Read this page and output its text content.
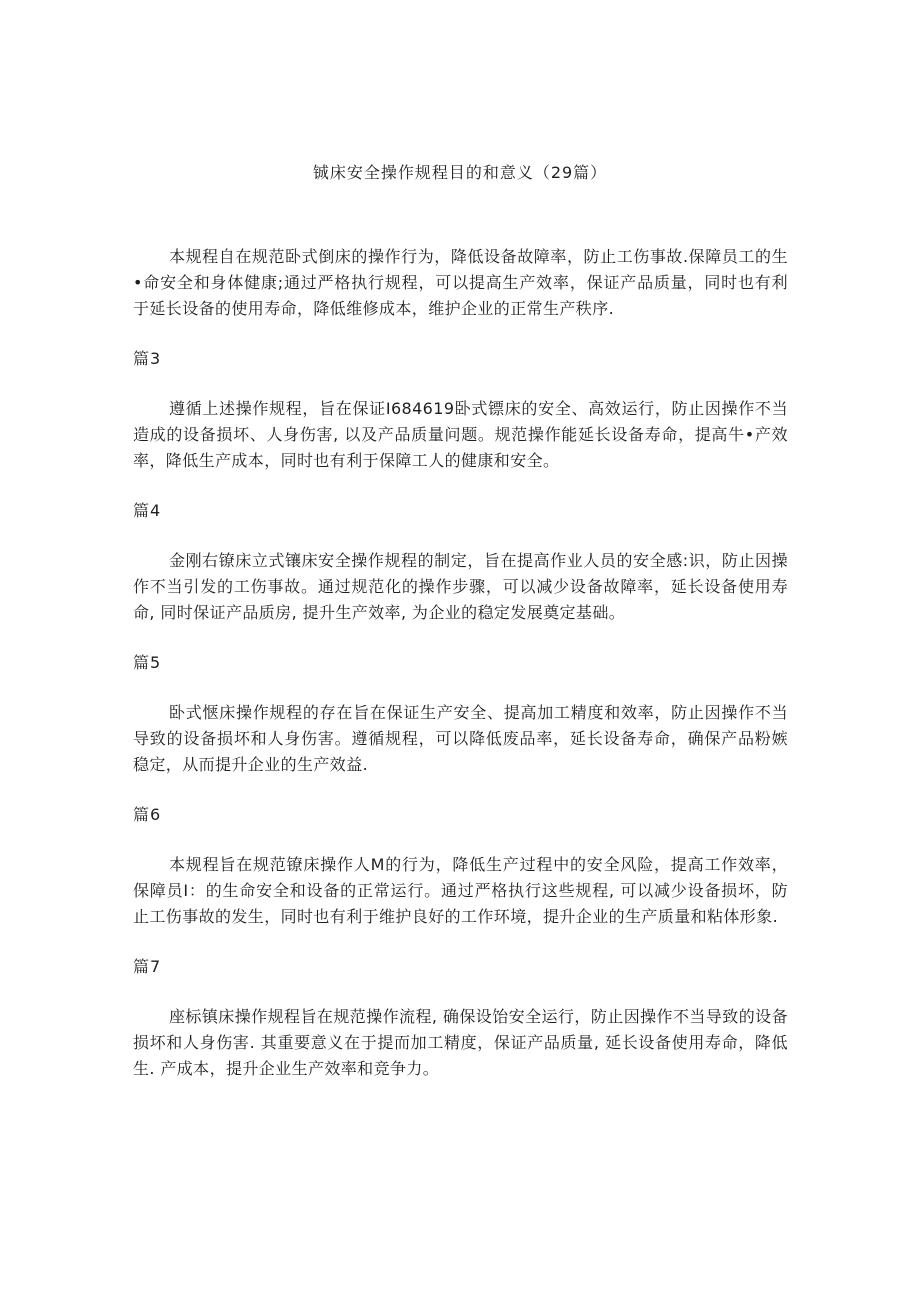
铖床安全操作规程目的和意义（29篇）

本规程自在规范卧式倒床的操作行为，降低设备故障率，防止工伤事故.保障员工的生•命安全和身体健康;通过严格执行规程，可以提高生产效率，保证产品质量，同时也有利于延长设备的使用寿命，降低维修成本，维护企业的正常生产秩序.

篇3

遵循上述操作规程，旨在保证I684619卧式镖床的安全、高效运行，防止因操作不当造成的设备损坏、人身伤害, 以及产品质量问题。规范操作能延长设备寿命，提高牛•产效率，降低生产成本，同时也有利于保障工人的健康和安全。

篇4

金刚右镣床立式镶床安全操作规程的制定，旨在提高作业人员的安全感:识，防止因操作不当引发的工伤事故。通过规范化的操作步骤，可以减少设备故障率，延长设备使用寿命, 同时保证产品质房, 提升生产效率, 为企业的稳定发展奠定基础。

篇5

卧式惬床操作规程的存在旨在保证生产安全、提高加工精度和效率，防止因操作不当导致的设备损坏和人身伤害。遵循规程，可以降低废品率，延长设备寿命，确保产品粉嫉稳定，从而提升企业的生产效益.

篇6

本规程旨在规范镣床操作人M的行为，降低生产过程中的安全风险，提高工作效率，保障员I：的生命安全和设备的正常运行。通过严格执行这些规程, 可以减少设备损坏，防止工伤事故的发生，同时也有利于维护良好的工作环境，提升企业的生产质量和粘体形象.

篇7

座标镇床操作规程旨在规范操作流程, 确保设饴安全运行，防止因操作不当导致的设备损坏和人身伤害. 其重要意义在于提而加工精度，保证产品质量, 延长设备使用寿命，降低生. 产成本，提升企业生产效率和竞争力。
